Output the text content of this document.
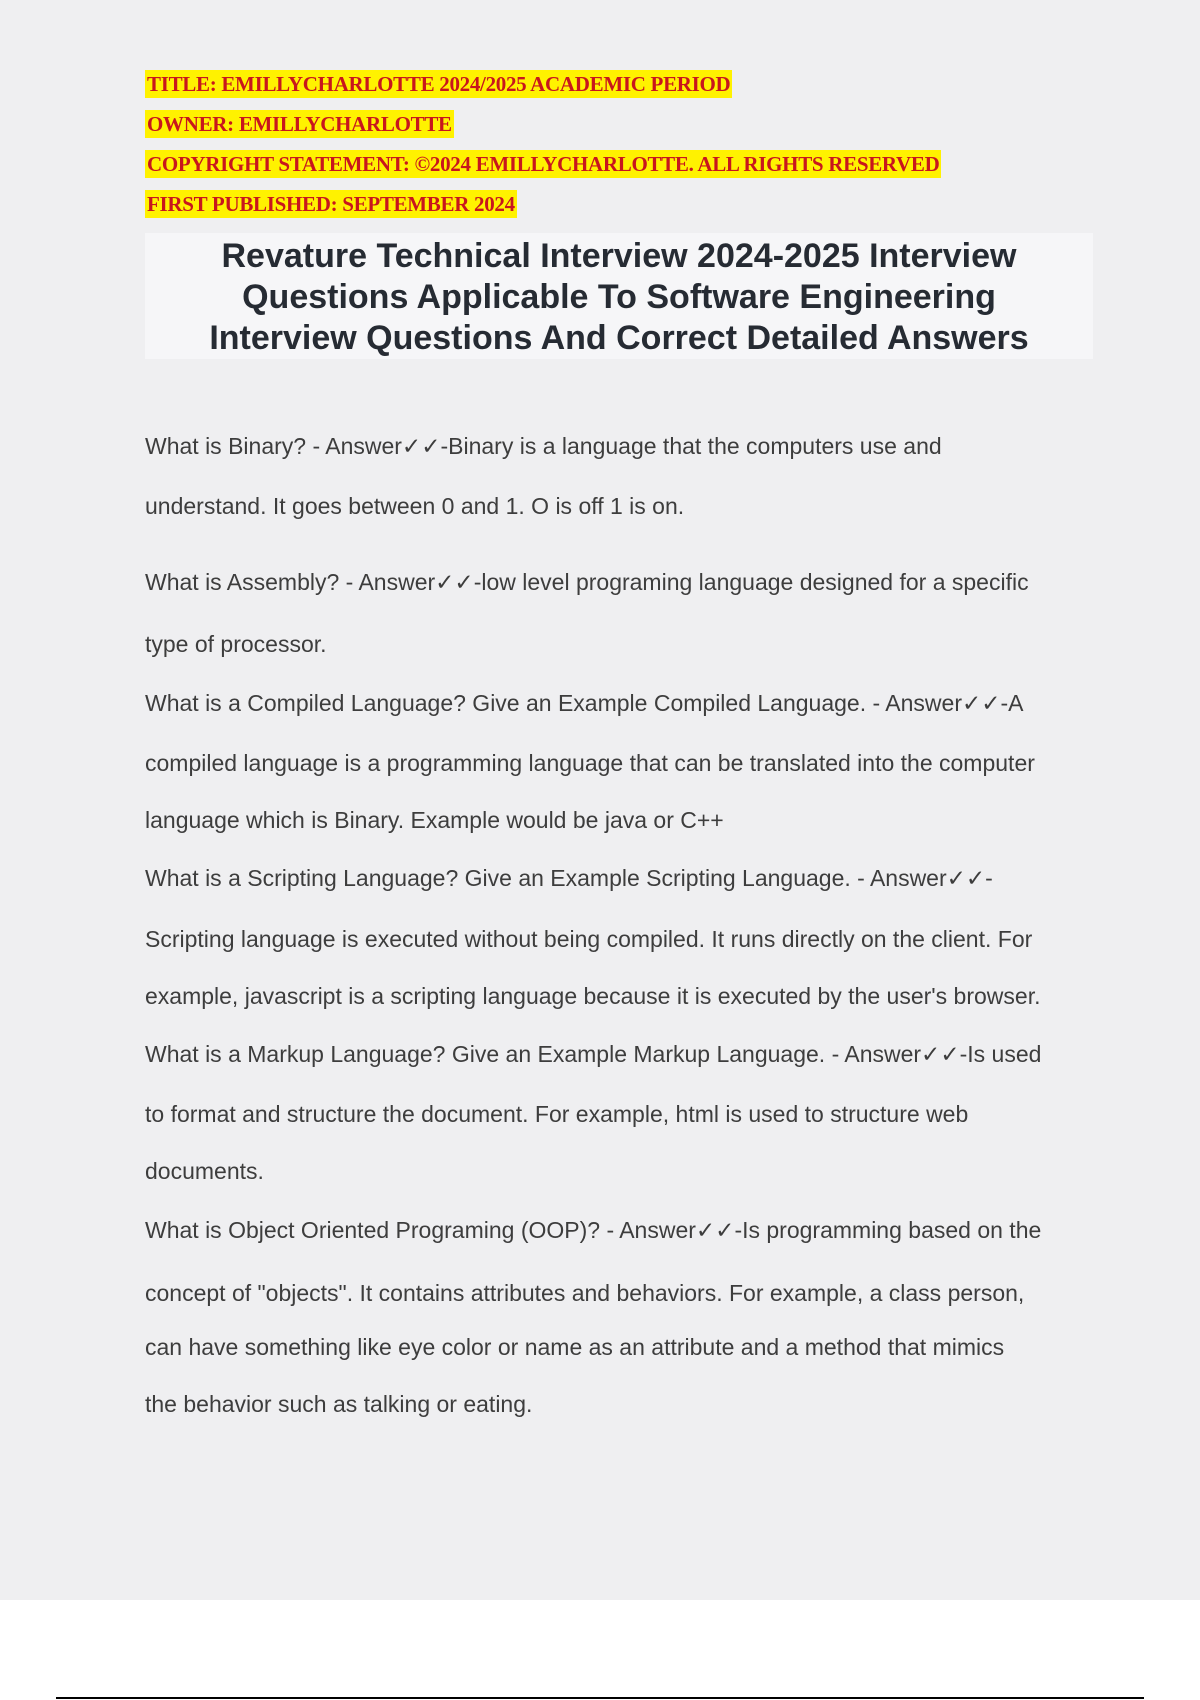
TITLE: EMILLYCHARLOTTE 2024/2025 ACADEMIC PERIOD
OWNER: EMILLYCHARLOTTE
COPYRIGHT STATEMENT: ©2024 EMILLYCHARLOTTE. ALL RIGHTS RESERVED
FIRST PUBLISHED: SEPTEMBER 2024
Revature Technical Interview 2024-2025 Interview
Questions Applicable To Software Engineering
Interview Questions And Correct Detailed Answers
What is Binary? - Answer✓✓-Binary is a language that the computers use and
understand. It goes between 0 and 1. O is off 1 is on.
What is Assembly? - Answer✓✓-low level programing language designed for a specific
type of processor.
What is a Compiled Language? Give an Example Compiled Language. - Answer✓✓-A
compiled language is a programming language that can be translated into the computer
language which is Binary. Example would be java or C++
What is a Scripting Language? Give an Example Scripting Language. - Answer✓✓-
Scripting language is executed without being compiled. It runs directly on the client. For
example, javascript is a scripting language because it is executed by the user's browser.
What is a Markup Language? Give an Example Markup Language. - Answer✓✓-Is used
to format and structure the document. For example, html is used to structure web
documents.
What is Object Oriented Programing (OOP)? - Answer✓✓-Is programming based on the
concept of "objects". It contains attributes and behaviors. For example, a class person,
can have something like eye color or name as an attribute and a method that mimics
the behavior such as talking or eating.
